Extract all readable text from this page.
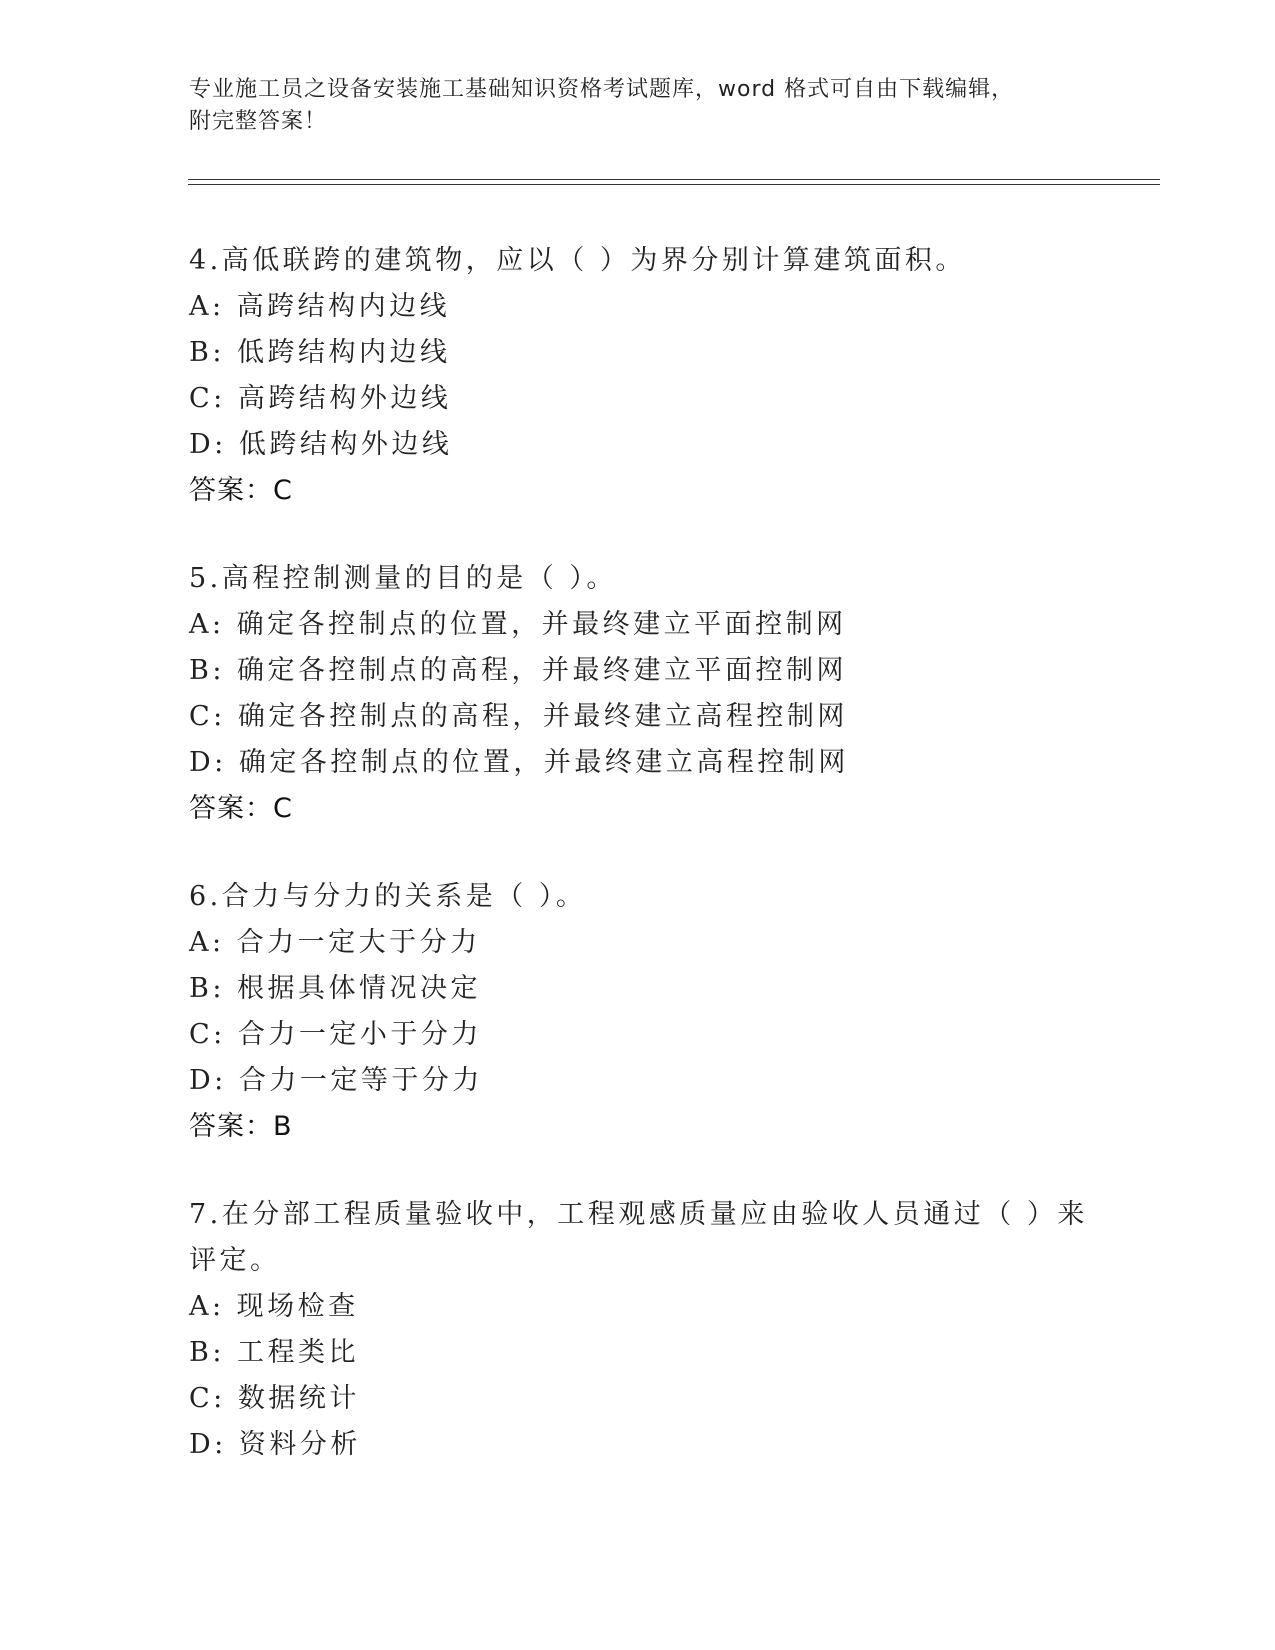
专业施工员之设备安装施工基础知识资格考试题库，word 格式可自由下载编辑，
附完整答案！
4.高低联跨的建筑物，应以（ ）为界分别计算建筑面积。
A: 高跨结构内边线
B: 低跨结构内边线
C: 高跨结构外边线
D: 低跨结构外边线
答案：C
5.高程控制测量的目的是（ ）。
A: 确定各控制点的位置，并最终建立平面控制网
B: 确定各控制点的高程，并最终建立平面控制网
C: 确定各控制点的高程，并最终建立高程控制网
D: 确定各控制点的位置，并最终建立高程控制网
答案：C
6.合力与分力的关系是（ ）。
A: 合力一定大于分力
B: 根据具体情况决定
C: 合力一定小于分力
D: 合力一定等于分力
答案：B
7.在分部工程质量验收中，工程观感质量应由验收人员通过（ ）来评定。
A: 现场检查
B: 工程类比
C: 数据统计
D: 资料分析
